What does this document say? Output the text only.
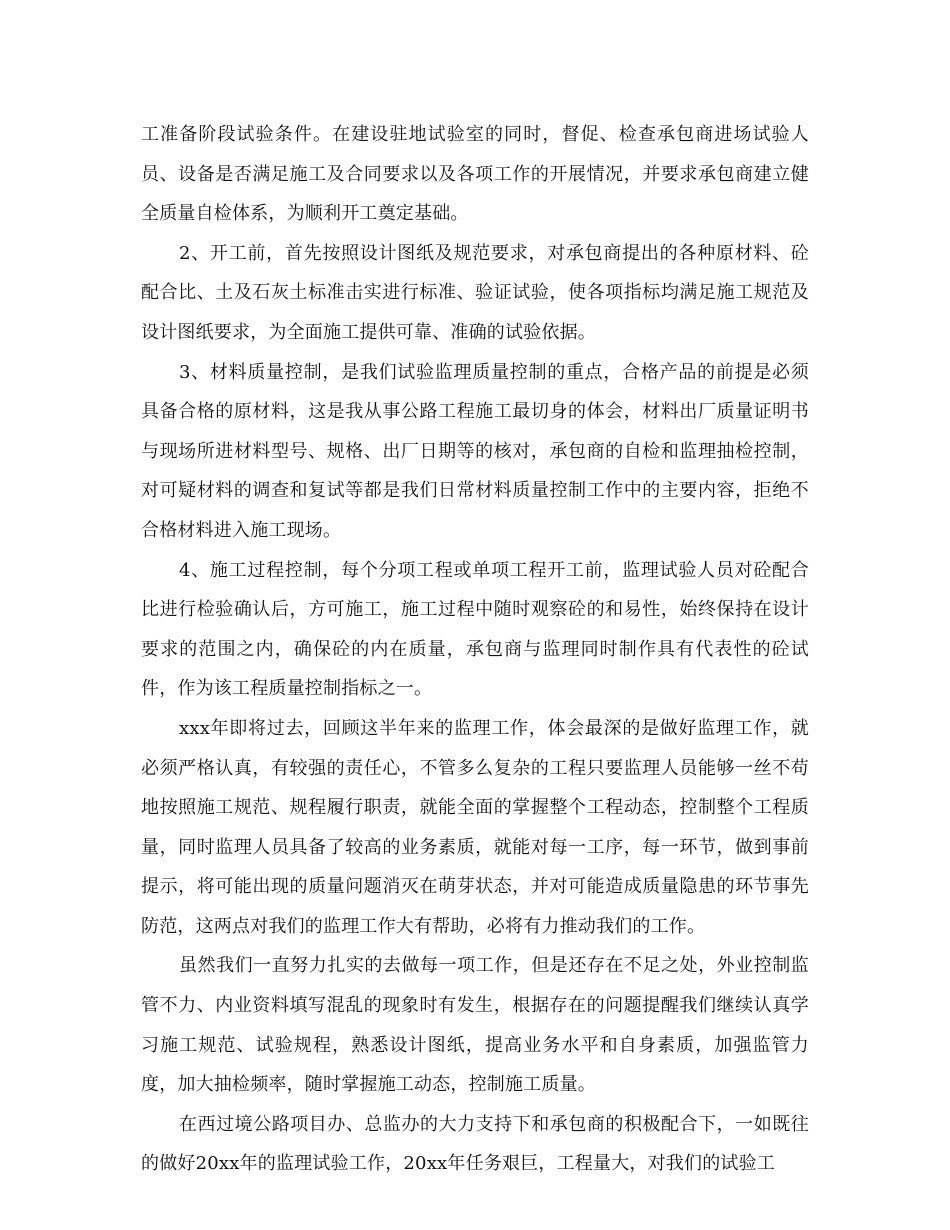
工准备阶段试验条件。在建设驻地试验室的同时，督促、检查承包商进场试验人员、设备是否满足施工及合同要求以及各项工作的开展情况，并要求承包商建立健全质量自检体系，为顺利开工奠定基础。

2、开工前，首先按照设计图纸及规范要求，对承包商提出的各种原材料、砼配合比、土及石灰土标准击实进行标准、验证试验，使各项指标均满足施工规范及设计图纸要求，为全面施工提供可靠、准确的试验依据。

3、材料质量控制，是我们试验监理质量控制的重点，合格产品的前提是必须具备合格的原材料，这是我从事公路工程施工最切身的体会，材料出厂质量证明书与现场所进材料型号、规格、出厂日期等的核对，承包商的自检和监理抽检控制，对可疑材料的调查和复试等都是我们日常材料质量控制工作中的主要内容，拒绝不合格材料进入施工现场。

4、施工过程控制，每个分项工程或单项工程开工前，监理试验人员对砼配合比进行检验确认后，方可施工，施工过程中随时观察砼的和易性，始终保持在设计要求的范围之内，确保砼的内在质量，承包商与监理同时制作具有代表性的砼试件，作为该工程质量控制指标之一。

xxx年即将过去，回顾这半年来的监理工作，体会最深的是做好监理工作，就必须严格认真，有较强的责任心，不管多么复杂的工程只要监理人员能够一丝不苟地按照施工规范、规程履行职责，就能全面的掌握整个工程动态，控制整个工程质量，同时监理人员具备了较高的业务素质，就能对每一工序，每一环节，做到事前提示，将可能出现的质量问题消灭在萌芽状态，并对可能造成质量隐患的环节事先防范，这两点对我们的监理工作大有帮助，必将有力推动我们的工作。

虽然我们一直努力扎实的去做每一项工作，但是还存在不足之处，外业控制监管不力、内业资料填写混乱的现象时有发生，根据存在的问题提醒我们继续认真学习施工规范、试验规程，熟悉设计图纸，提高业务水平和自身素质，加强监管力度，加大抽检频率，随时掌握施工动态，控制施工质量。

在西过境公路项目办、总监办的大力支持下和承包商的积极配合下，一如既往的做好20xx年的监理试验工作，20xx年任务艰巨，工程量大，对我们的试验工
